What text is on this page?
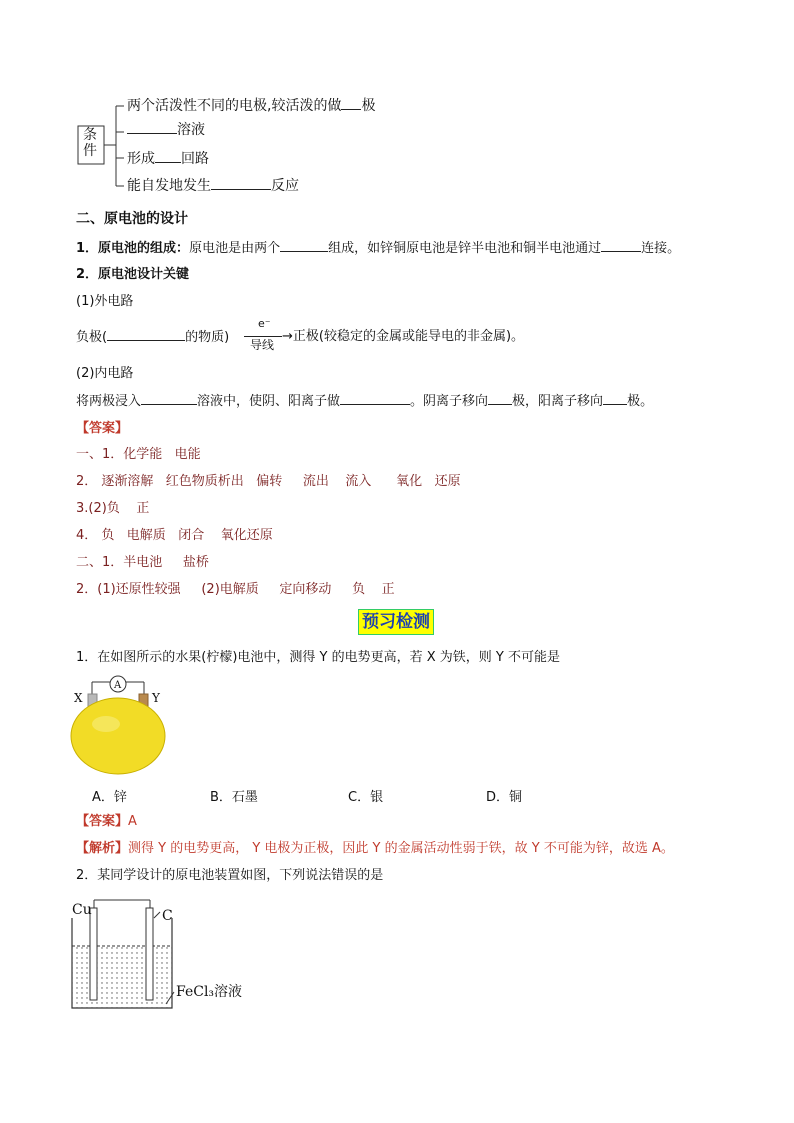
条件
两个活泼性不同的电极,较活泼的做 极
溶液
形成 回路
能自发地发生	反应
二、原电池的设计
1．原电池的组成：原电池是由两个	组成，如锌铜原电池是锌半电池和铜半电池通过	连接。
2．原电池设计关键
(1)外电路
负极(	的物质)
e⁻
导线
→正极(较稳定的金属或能导电的非金属)。
(2)内电路
将两极浸入	溶液中，使阴、阳离子做	。阴离子移向 极，阳离子移向 极。
【答案】
一、1．化学能   电能
2． 逐渐溶解   红色物质析出   偏转     流出    流入      氧化   还原
3.(2)负    正
4． 负   电解质   闭合    氧化还原
二、1．半电池     盐桥
2．(1)还原性较强     (2)电解质     定向移动     负    正
预习检测
1．在如图所示的水果(柠檬)电池中，测得 Y 的电势更高，若 X 为铁，则 Y 不可能是
A
X	Y
A．锌	B．石墨	C．银	D．铜
【答案】A
【解析】测得 Y 的电势更高， Y 电极为正极，因此 Y 的金属活动性弱于铁，故 Y 不可能为锌，故选 A。
2．某同学设计的原电池装置如图，下列说法错误的是
Cu	C
FeCl₃溶液
